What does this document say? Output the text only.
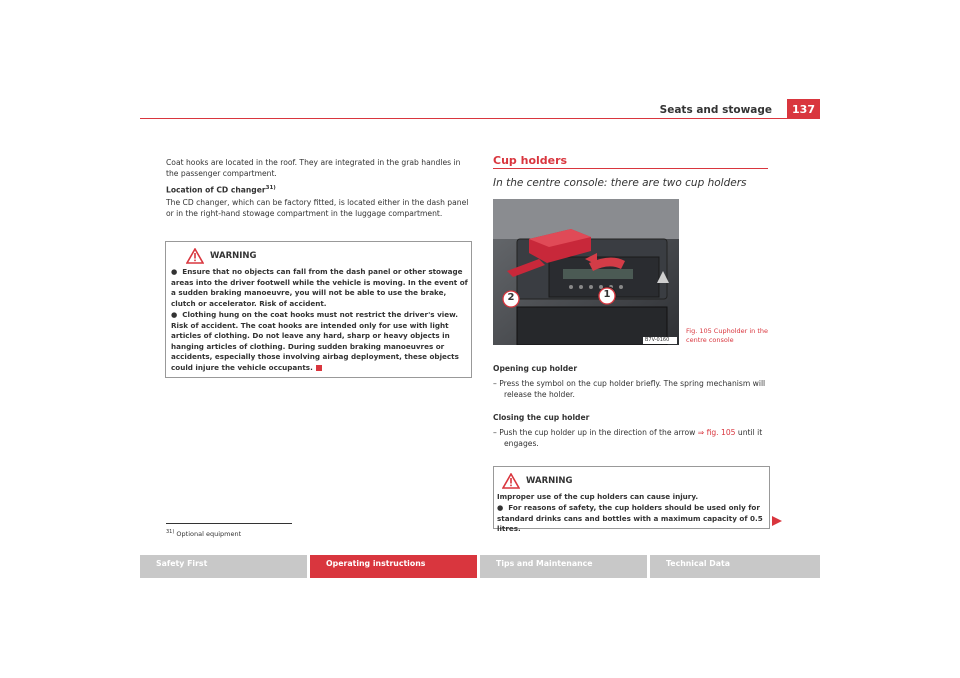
Seats and stowage	137
Coat hooks are located in the roof. They are integrated in the grab handles in the passenger compartment.
Location of CD changer$^{31)}$
The CD changer, which can be factory fitted, is located either in the dash panel or in the right-hand stowage compartment in the luggage compartment.
WARNING
●  Ensure that no objects can fall from the dash panel or other stowage areas into the driver footwell while the vehicle is moving. In the event of a sudden braking manoeuvre, you will not be able to use the brake, clutch or accelerator. Risk of accident.
●  Clothing hung on the coat hooks must not restrict the driver's view. Risk of accident. The coat hooks are intended only for use with light articles of clothing. Do not leave any hard, sharp or heavy objects in hanging articles of clothing. During sudden braking manoeuvres or accidents, especially those involving airbag deployment, these objects could injure the vehicle occupants.
$^{31)}$ Optional equipment
Cup holders
In the centre console: there are two cup holders
2	1
B7V-0160
Fig. 105 Cupholder in the centre console
Opening cup holder
– Press the symbol on the cup holder briefly. The spring mechanism will release the holder.
Closing the cup holder
– Push the cup holder up in the direction of the arrow ⇒ fig. 105 until it engages.
WARNING
Improper use of the cup holders can cause injury.
●  For reasons of safety, the cup holders should be used only for standard drinks cans and bottles with a maximum capacity of 0.5 litres.
Safety First	Operating instructions	Tips and Maintenance	Technical Data
